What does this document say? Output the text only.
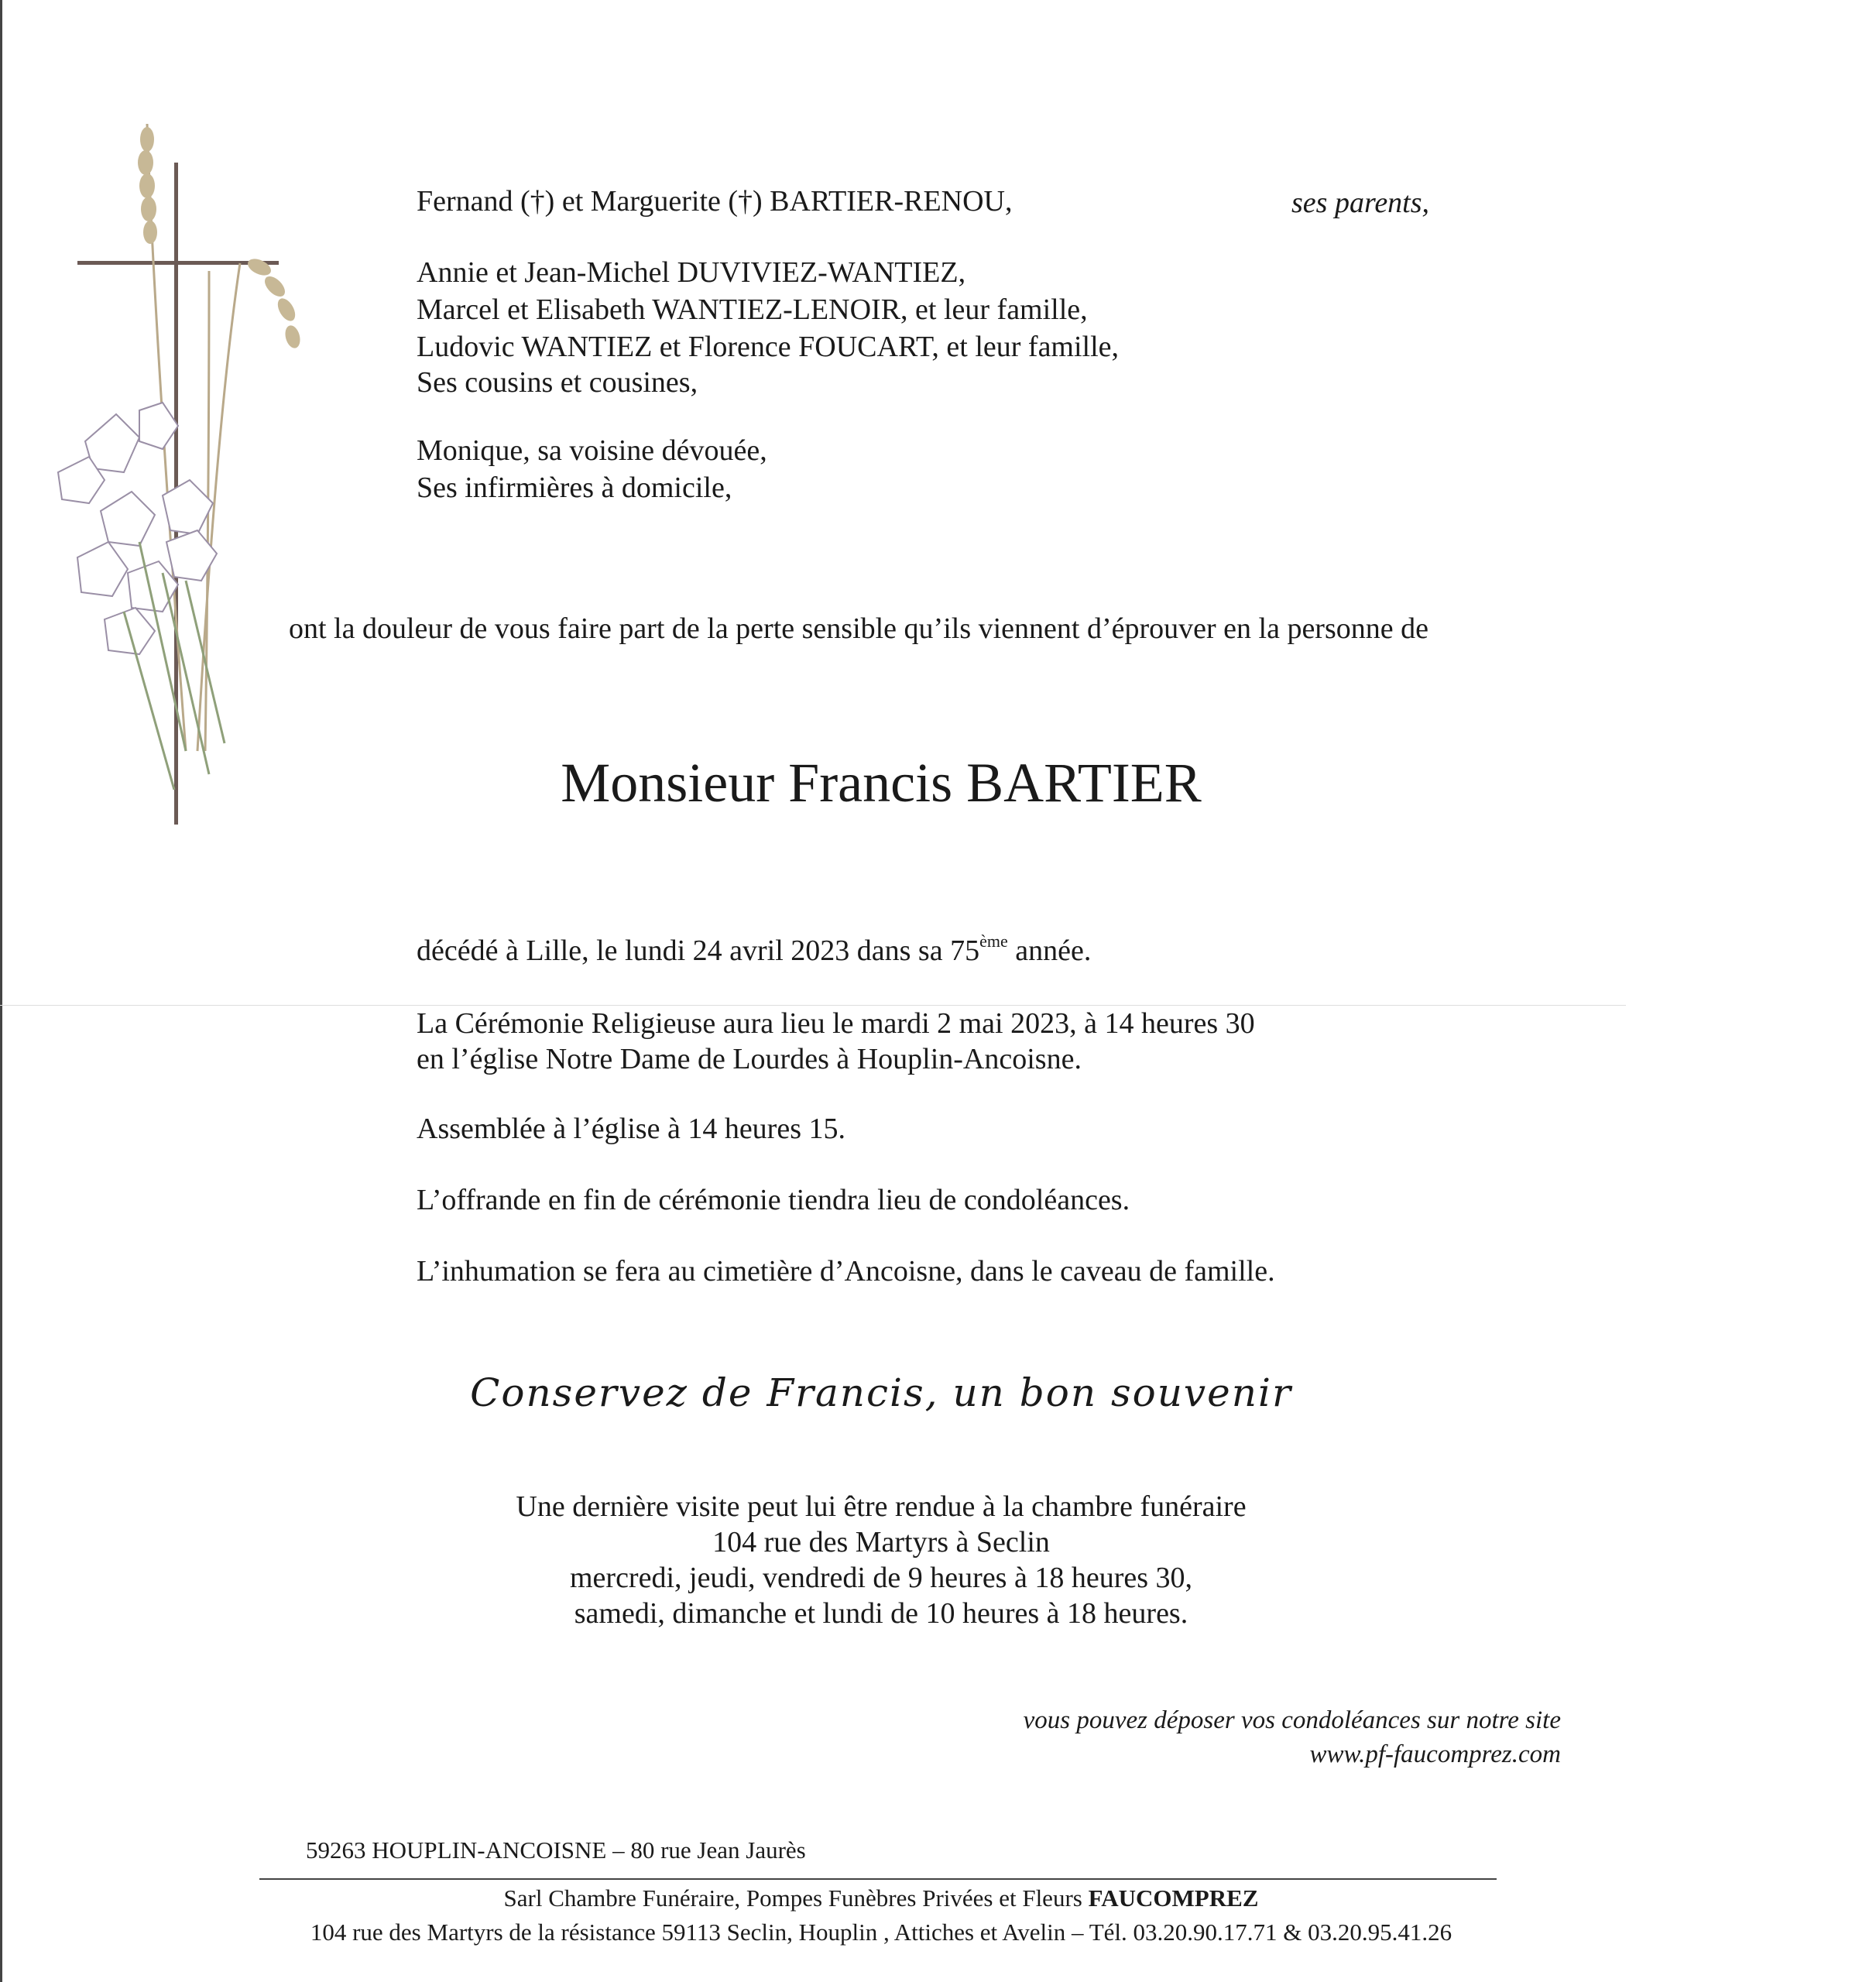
Fernand (†) et Marguerite (†) BARTIER-RENOU,	ses parents,
Annie et Jean-Michel DUVIVIEZ-WANTIEZ,
Marcel et Elisabeth WANTIEZ-LENOIR, et leur famille,
Ludovic WANTIEZ et Florence FOUCART, et leur famille,
Ses cousins et cousines,
Monique, sa voisine dévouée,
Ses infirmières à domicile,
ont la douleur de vous faire part de la perte sensible qu’ils viennent d’éprouver en la personne de
Monsieur Francis BARTIER
décédé à Lille, le lundi 24 avril 2023 dans sa 75ème année.
La Cérémonie Religieuse aura lieu le mardi 2 mai 2023, à 14 heures 30
en l’église Notre Dame de Lourdes à Houplin-Ancoisne.
Assemblée à l’église à 14 heures 15.
L’offrande en fin de cérémonie tiendra lieu de condoléances.
L’inhumation se fera au cimetière d’Ancoisne, dans le caveau de famille.
Conservez de Francis, un bon souvenir
Une dernière visite peut lui être rendue à la chambre funéraire
104 rue des Martyrs à Seclin
mercredi, jeudi, vendredi de 9 heures à 18 heures 30,
samedi, dimanche et lundi de 10 heures à 18 heures.
vous pouvez déposer vos condoléances sur notre site
www.pf-faucomprez.com
59263 HOUPLIN-ANCOISNE – 80 rue Jean Jaurès
Sarl Chambre Funéraire, Pompes Funèbres Privées et Fleurs FAUCOMPREZ
104 rue des Martyrs de la résistance 59113 Seclin, Houplin , Attiches et Avelin – Tél. 03.20.90.17.71 & 03.20.95.41.26
